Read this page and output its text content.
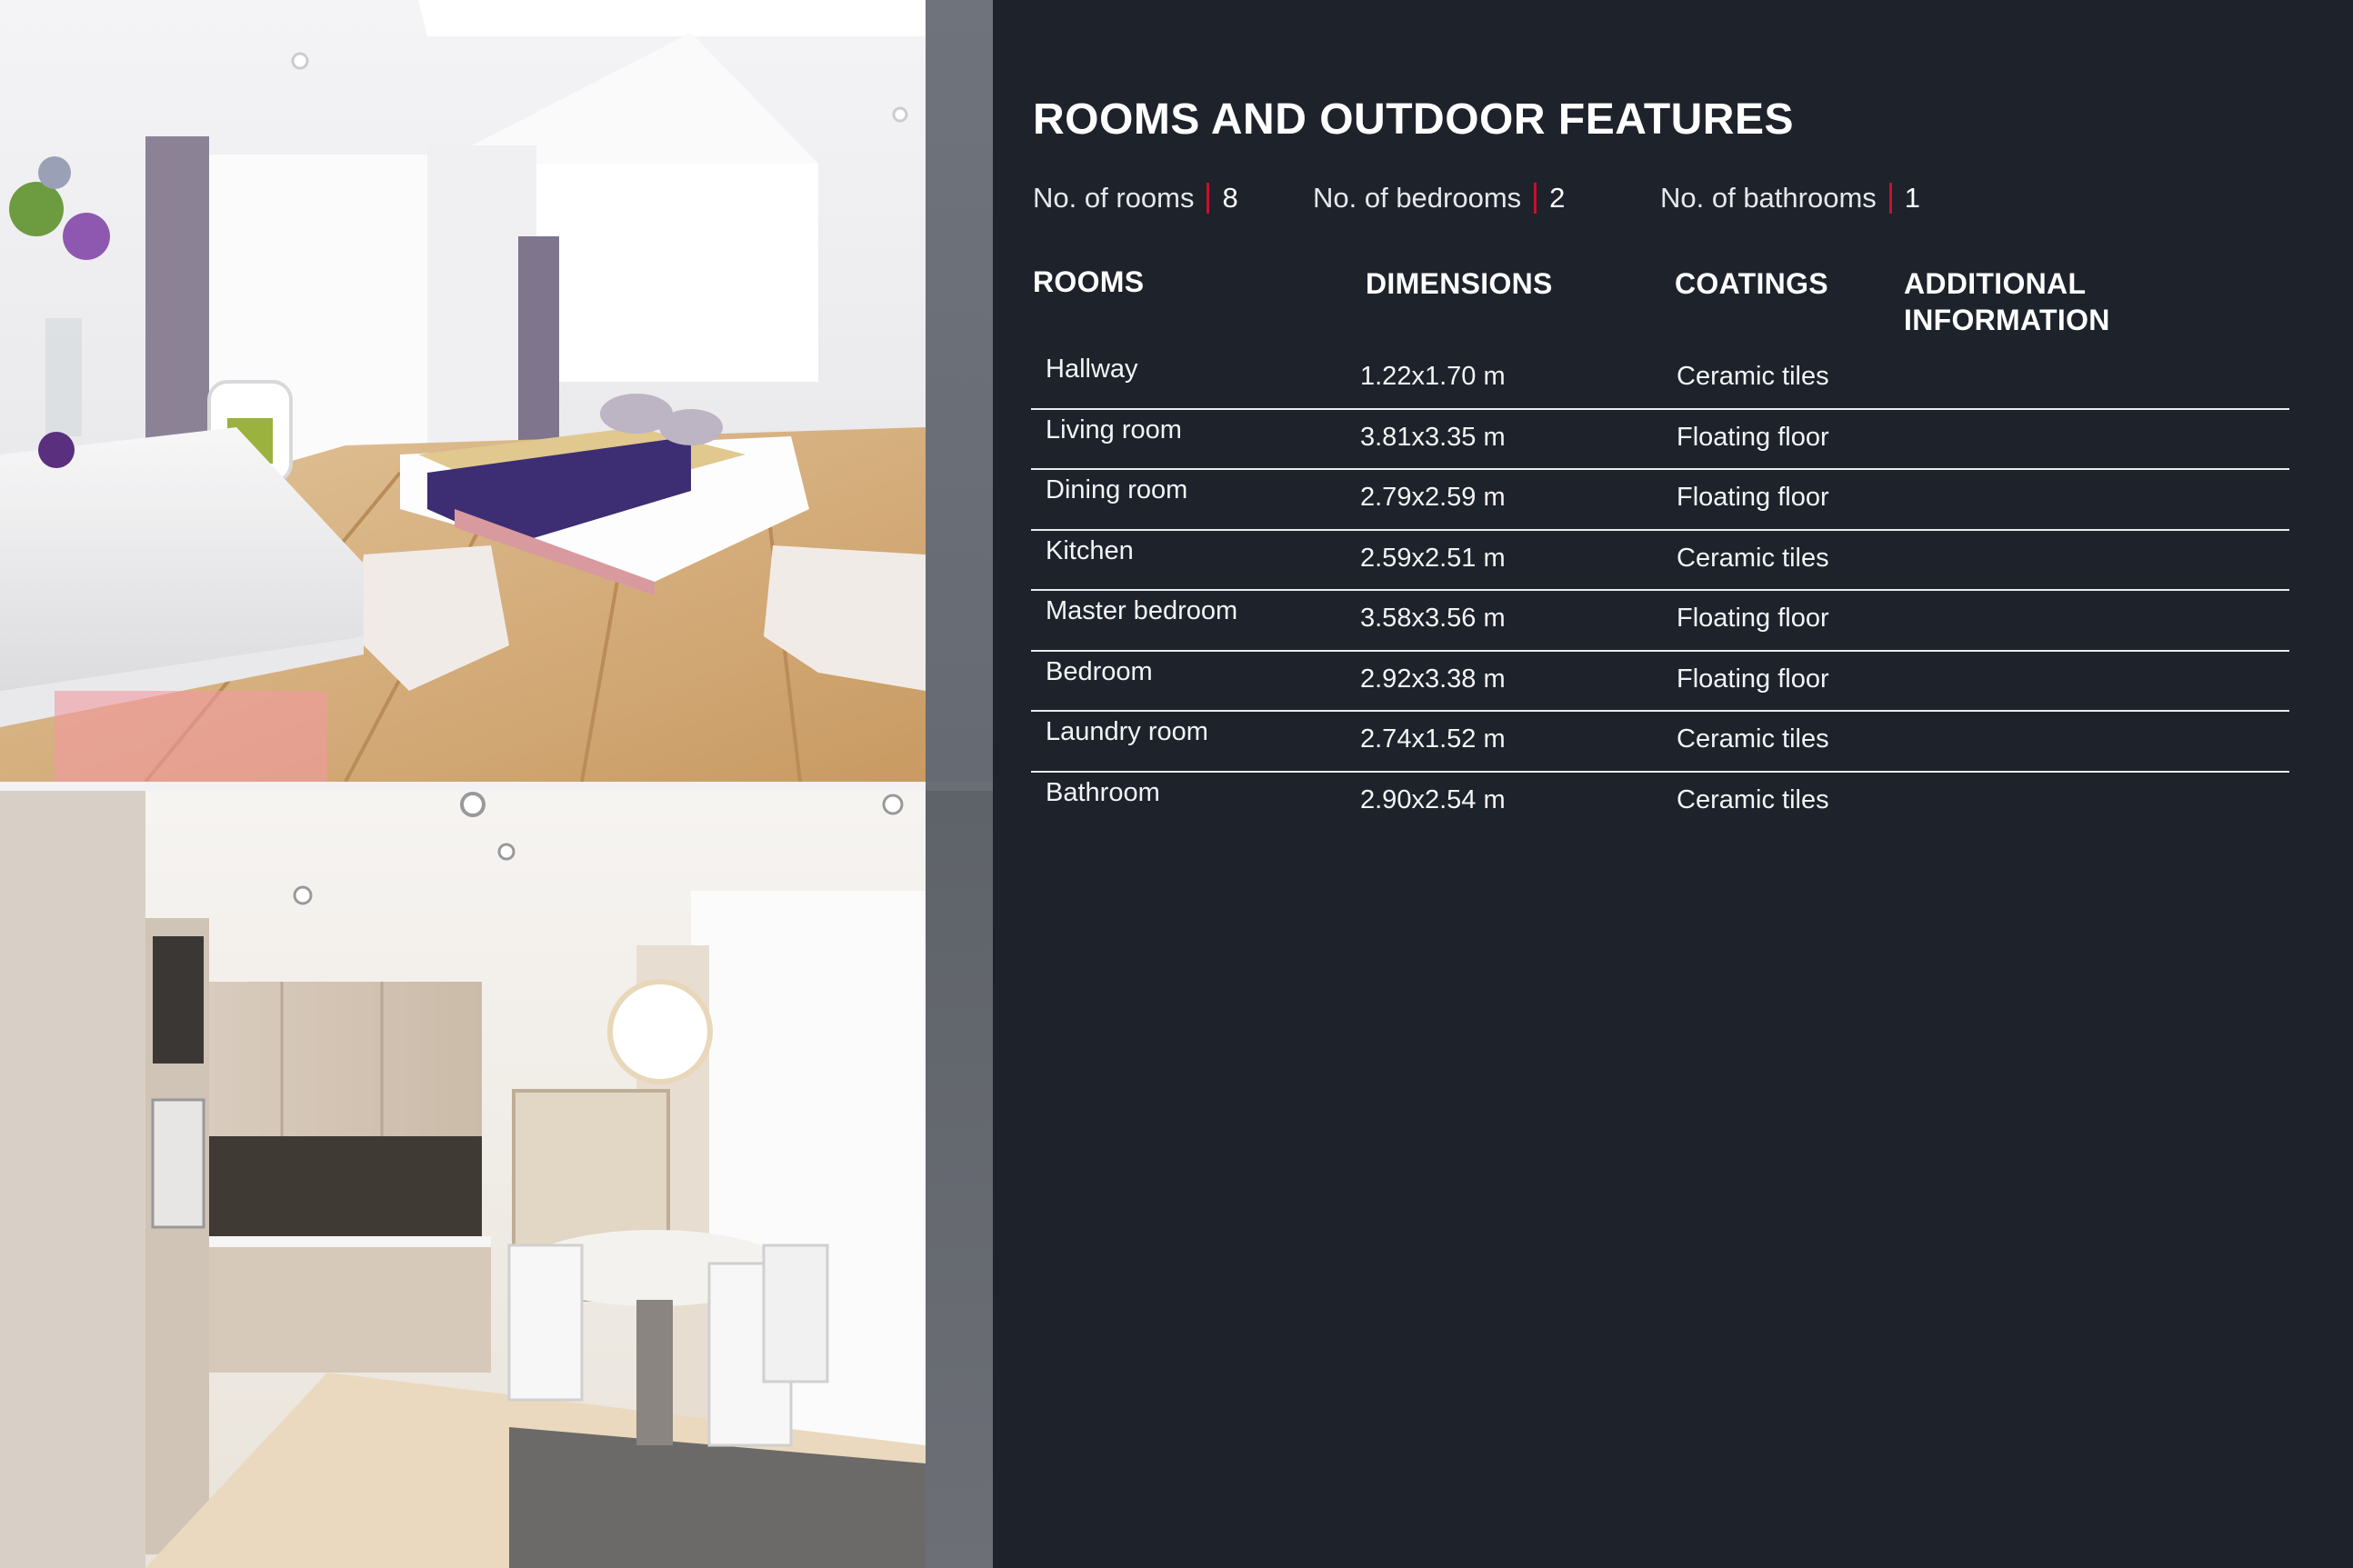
ROOMS AND OUTDOOR FEATURES
No. of rooms 8	No. of bedrooms 2	No. of bathrooms 1
ROOMS	DIMENSIONS	COATINGS	ADDITIONAL
INFORMATION
Hallway	1.22x1.70 m	Ceramic tiles
Living room	3.81x3.35 m	Floating floor
Dining room	2.79x2.59 m	Floating floor
Kitchen	2.59x2.51 m	Ceramic tiles
Master bedroom	3.58x3.56 m	Floating floor
Bedroom	2.92x3.38 m	Floating floor
Laundry room	2.74x1.52 m	Ceramic tiles
Bathroom	2.90x2.54 m	Ceramic tiles
